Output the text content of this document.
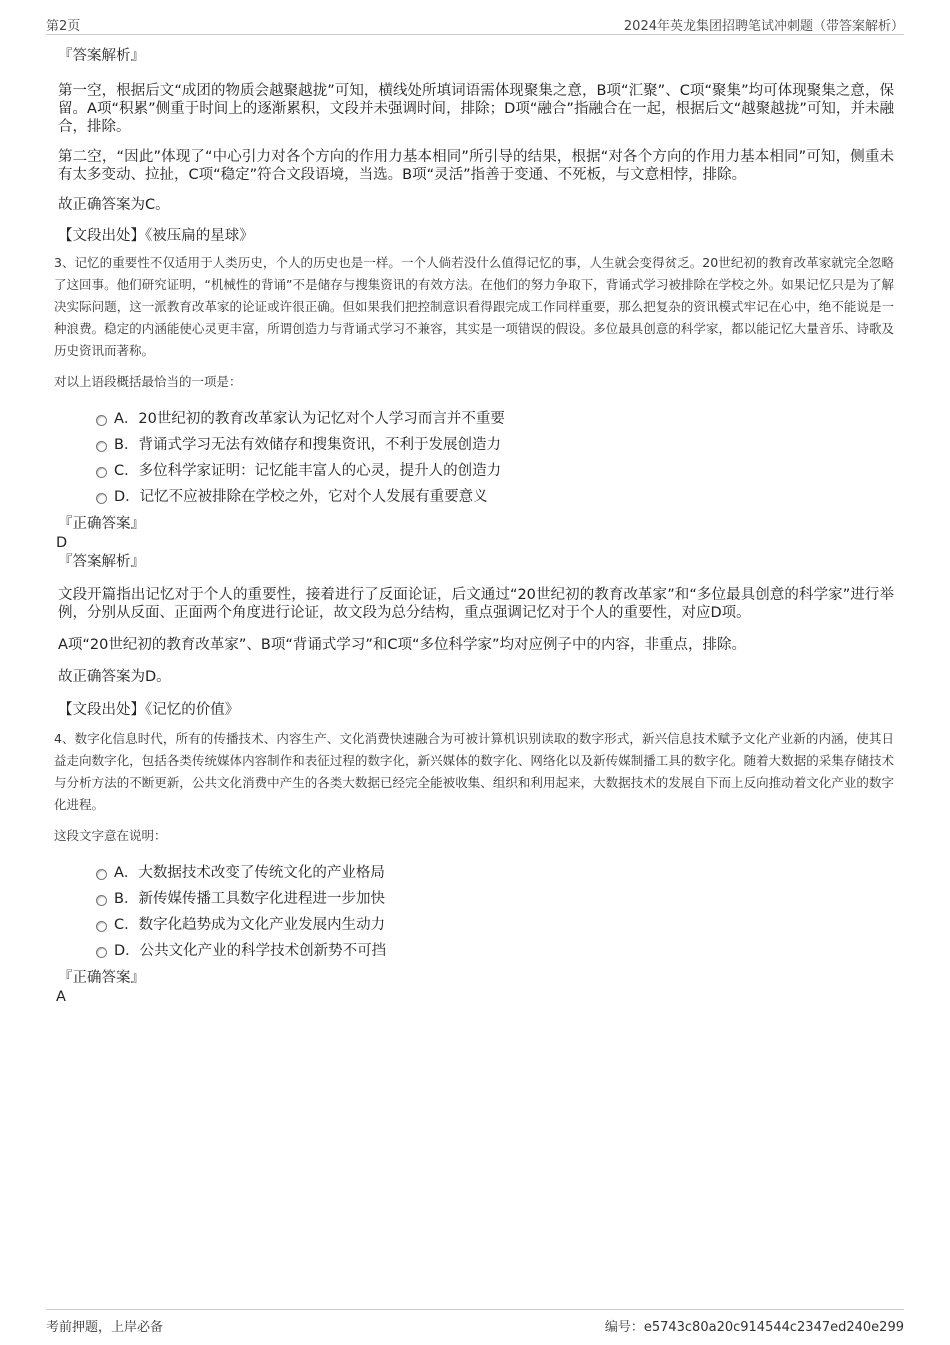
第2页	2024年英龙集团招聘笔试冲刺题（带答案解析）
『答案解析』

第一空，根据后文“成团的物质会越聚越拢”可知，横线处所填词语需体现聚集之意，B项“汇聚”、C项“聚集”均可体现聚集之意，保留。A项“积累”侧重于时间上的逐渐累积，文段并未强调时间，排除；D项“融合”指融合在一起，根据后文“越聚越拢”可知，并未融合，排除。

第二空，“因此”体现了“中心引力对各个方向的作用力基本相同”所引导的结果，根据“对各个方向的作用力基本相同”可知，侧重未有太多变动、拉扯，C项“稳定”符合文段语境，当选。B项“灵活”指善于变通、不死板，与文意相悖，排除。

故正确答案为C。

【文段出处】《被压扁的星球》

3、记忆的重要性不仅适用于人类历史，个人的历史也是一样。一个人倘若没什么值得记忆的事，人生就会变得贫乏。20世纪初的教育改革家就完全忽略了这回事。他们研究证明，“机械性的背诵”不是储存与搜集资讯的有效方法。在他们的努力争取下，背诵式学习被排除在学校之外。如果记忆只是为了解决实际问题，这一派教育改革家的论证或许很正确。但如果我们把控制意识看得跟完成工作同样重要，那么把复杂的资讯模式牢记在心中，绝不能说是一种浪费。稳定的内涵能使心灵更丰富，所谓创造力与背诵式学习不兼容，其实是一项错误的假设。多位最具创意的科学家，都以能记忆大量音乐、诗歌及历史资讯而著称。

对以上语段概括最恰当的一项是：

A．20世纪初的教育改革家认为记忆对个人学习而言并不重要
B．背诵式学习无法有效储存和搜集资讯，不利于发展创造力
C．多位科学家证明：记忆能丰富人的心灵，提升人的创造力
D．记忆不应被排除在学校之外，它对个人发展有重要意义
『正确答案』
D
『答案解析』

文段开篇指出记忆对于个人的重要性，接着进行了反面论证，后文通过“20世纪初的教育改革家”和“多位最具创意的科学家”进行举例，分别从反面、正面两个角度进行论证，故文段为总分结构，重点强调记忆对于个人的重要性，对应D项。

A项“20世纪初的教育改革家”、B项“背诵式学习”和C项“多位科学家”均对应例子中的内容，非重点，排除。

故正确答案为D。

【文段出处】《记忆的价值》

4、数字化信息时代，所有的传播技术、内容生产、文化消费快速融合为可被计算机识别读取的数字形式，新兴信息技术赋予文化产业新的内涵，使其日益走向数字化，包括各类传统媒体内容制作和表征过程的数字化，新兴媒体的数字化、网络化以及新传媒制播工具的数字化。随着大数据的采集存储技术与分析方法的不断更新，公共文化消费中产生的各类大数据已经完全能被收集、组织和利用起来，大数据技术的发展自下而上反向推动着文化产业的数字化进程。

这段文字意在说明：

A．大数据技术改变了传统文化的产业格局
B．新传媒传播工具数字化进程进一步加快
C．数字化趋势成为文化产业发展内生动力
D．公共文化产业的科学技术创新势不可挡
『正确答案』
A
考前押题，上岸必备	编号：e5743c80a20c914544c2347ed240e299
